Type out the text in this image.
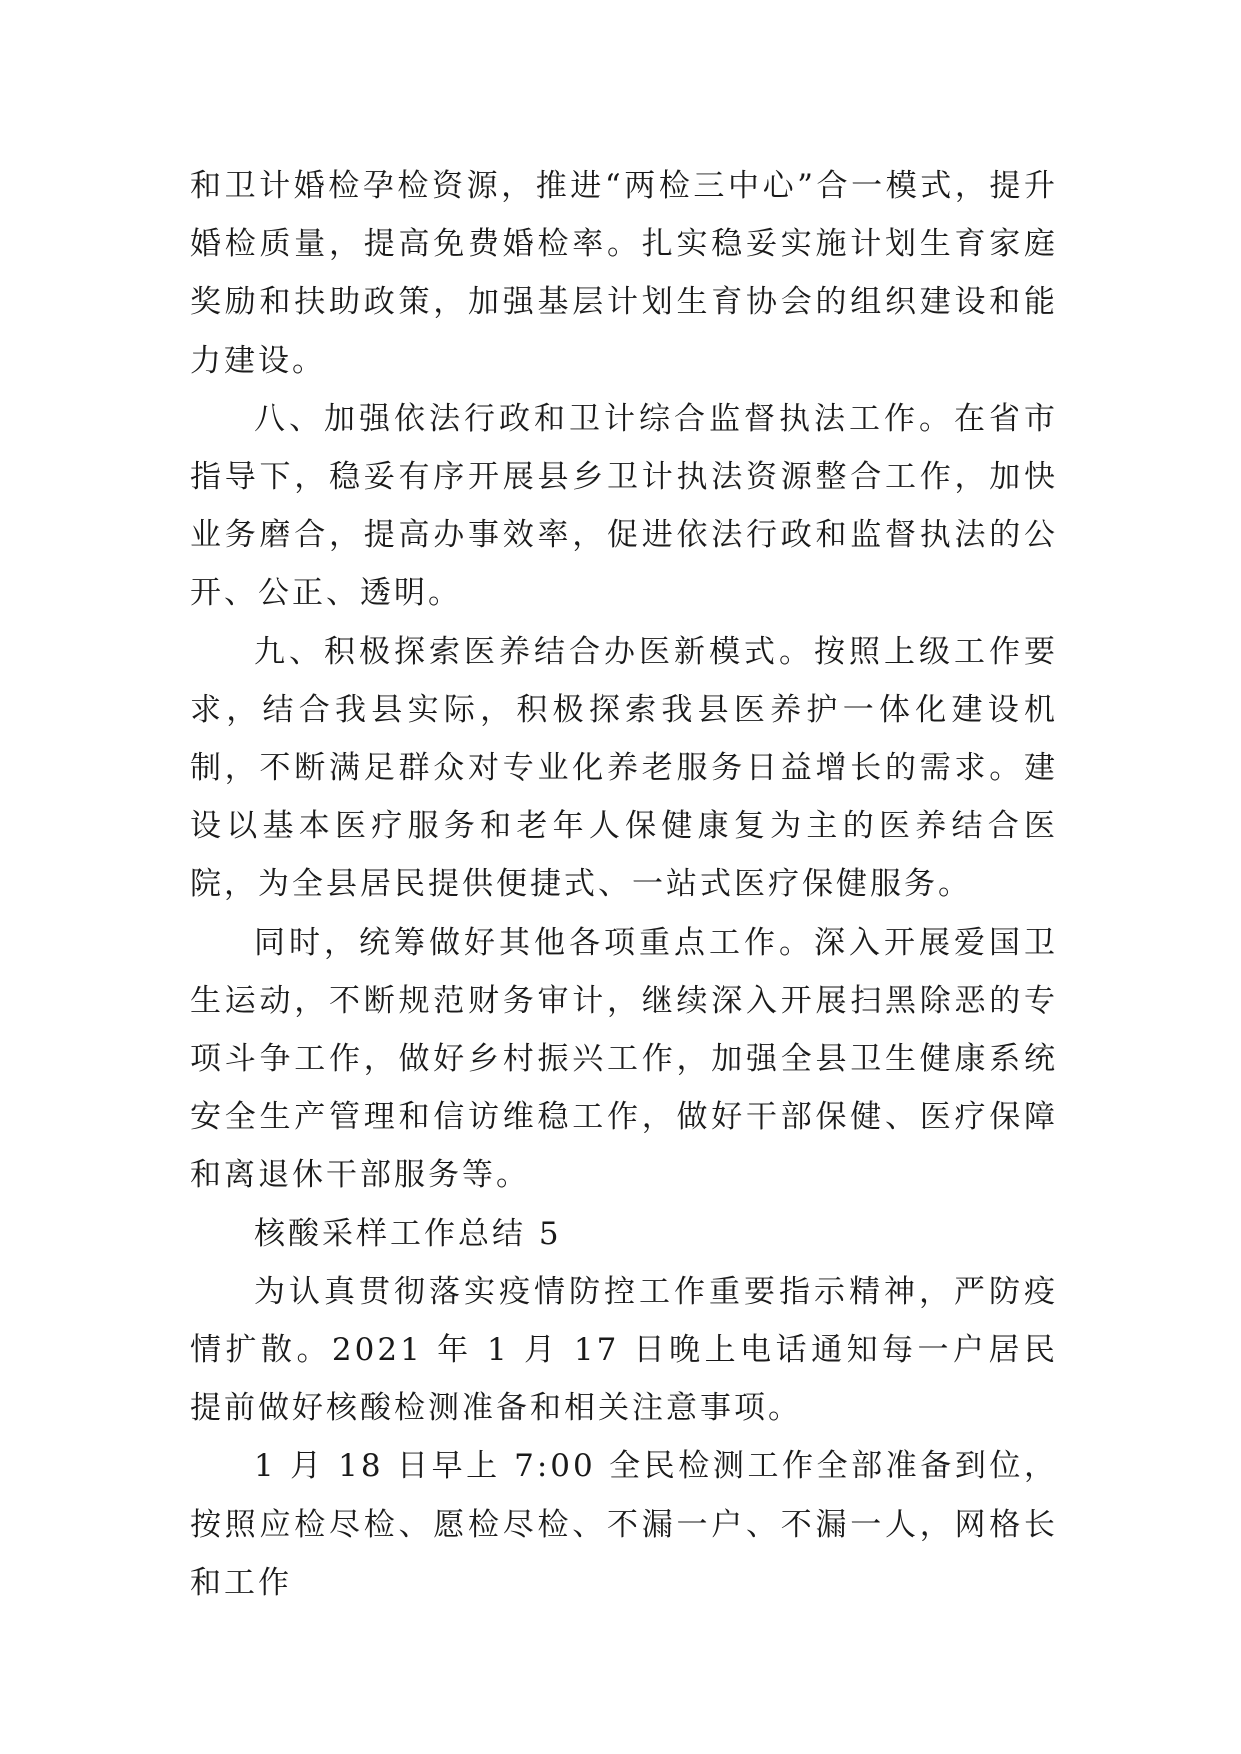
和卫计婚检孕检资源，推进“两检三中心”合一模式，提升婚检质量，提高免费婚检率。扎实稳妥实施计划生育家庭奖励和扶助政策，加强基层计划生育协会的组织建设和能力建设。

八、加强依法行政和卫计综合监督执法工作。在省市指导下，稳妥有序开展县乡卫计执法资源整合工作，加快业务磨合，提高办事效率，促进依法行政和监督执法的公开、公正、透明。

九、积极探索医养结合办医新模式。按照上级工作要求，结合我县实际，积极探索我县医养护一体化建设机制，不断满足群众对专业化养老服务日益增长的需求。建设以基本医疗服务和老年人保健康复为主的医养结合医院，为全县居民提供便捷式、一站式医疗保健服务。

同时，统筹做好其他各项重点工作。深入开展爱国卫生运动，不断规范财务审计，继续深入开展扫黑除恶的专项斗争工作，做好乡村振兴工作，加强全县卫生健康系统安全生产管理和信访维稳工作，做好干部保健、医疗保障和离退休干部服务等。

核酸采样工作总结 5

为认真贯彻落实疫情防控工作重要指示精神，严防疫情扩散。2021 年 1 月 17 日晚上电话通知每一户居民提前做好核酸检测准备和相关注意事项。

1 月 18 日早上 7:00 全民检测工作全部准备到位，按照应检尽检、愿检尽检、不漏一户、不漏一人，网格长和工作
